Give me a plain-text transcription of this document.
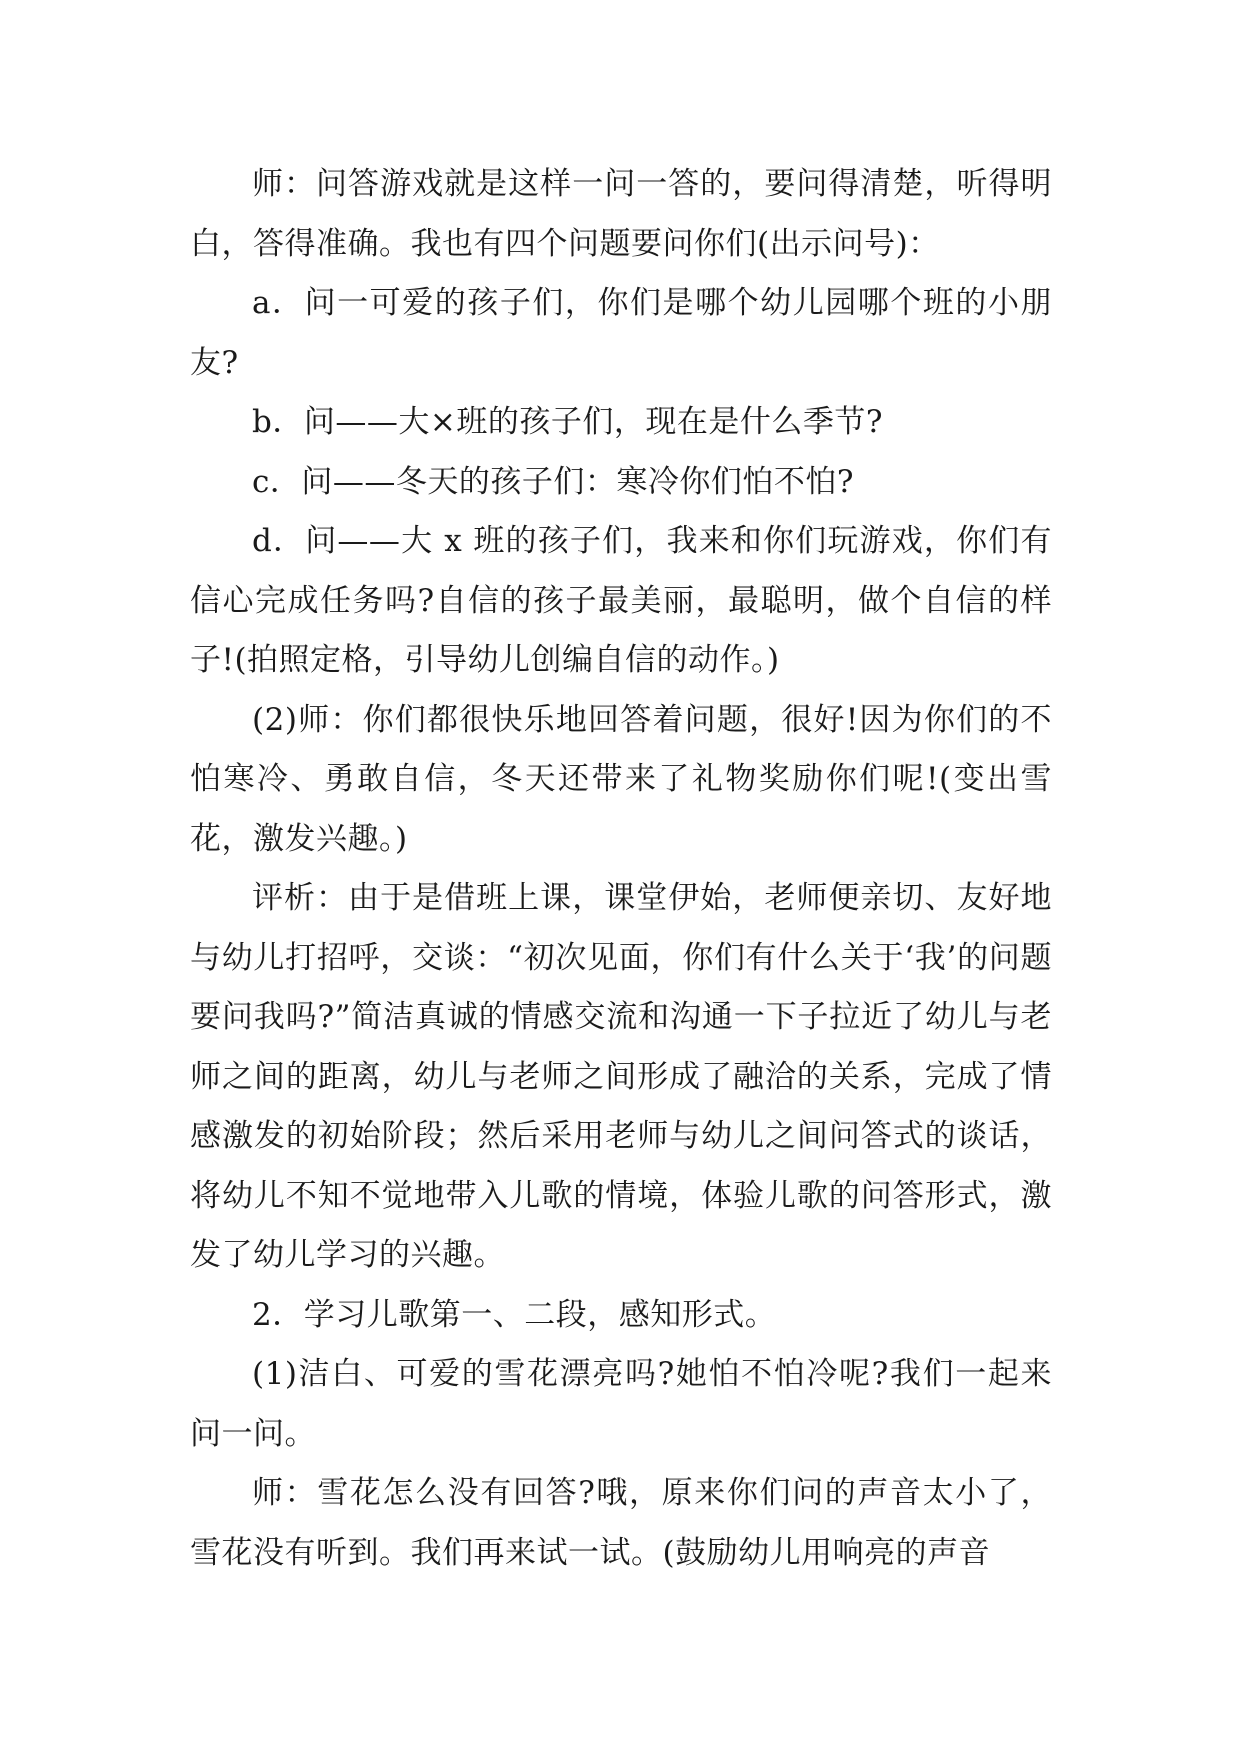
师：问答游戏就是这样一问一答的，要问得清楚，听得明白，答得准确。我也有四个问题要问你们(出示问号)：

a．问一可爱的孩子们，你们是哪个幼儿园哪个班的小朋友?

b．问——大×班的孩子们，现在是什么季节?

c．问——冬天的孩子们：寒冷你们怕不怕?

d．问——大 x 班的孩子们，我来和你们玩游戏，你们有信心完成任务吗?自信的孩子最美丽，最聪明，做个自信的样子!(拍照定格，引导幼儿创编自信的动作。)

(2)师：你们都很快乐地回答着问题，很好!因为你们的不怕寒冷、勇敢自信，冬天还带来了礼物奖励你们呢!(变出雪花，激发兴趣。)

评析：由于是借班上课，课堂伊始，老师便亲切、友好地与幼儿打招呼，交谈：“初次见面，你们有什么关于‘我’的问题要问我吗?”简洁真诚的情感交流和沟通一下子拉近了幼儿与老师之间的距离，幼儿与老师之间形成了融洽的关系，完成了情感激发的初始阶段；然后采用老师与幼儿之间问答式的谈话，将幼儿不知不觉地带入儿歌的情境，体验儿歌的问答形式，激发了幼儿学习的兴趣。

2．学习儿歌第一、二段，感知形式。

(1)洁白、可爱的雪花漂亮吗?她怕不怕冷呢?我们一起来问一问。

师：雪花怎么没有回答?哦，原来你们问的声音太小了，雪花没有听到。我们再来试一试。(鼓励幼儿用响亮的声音
